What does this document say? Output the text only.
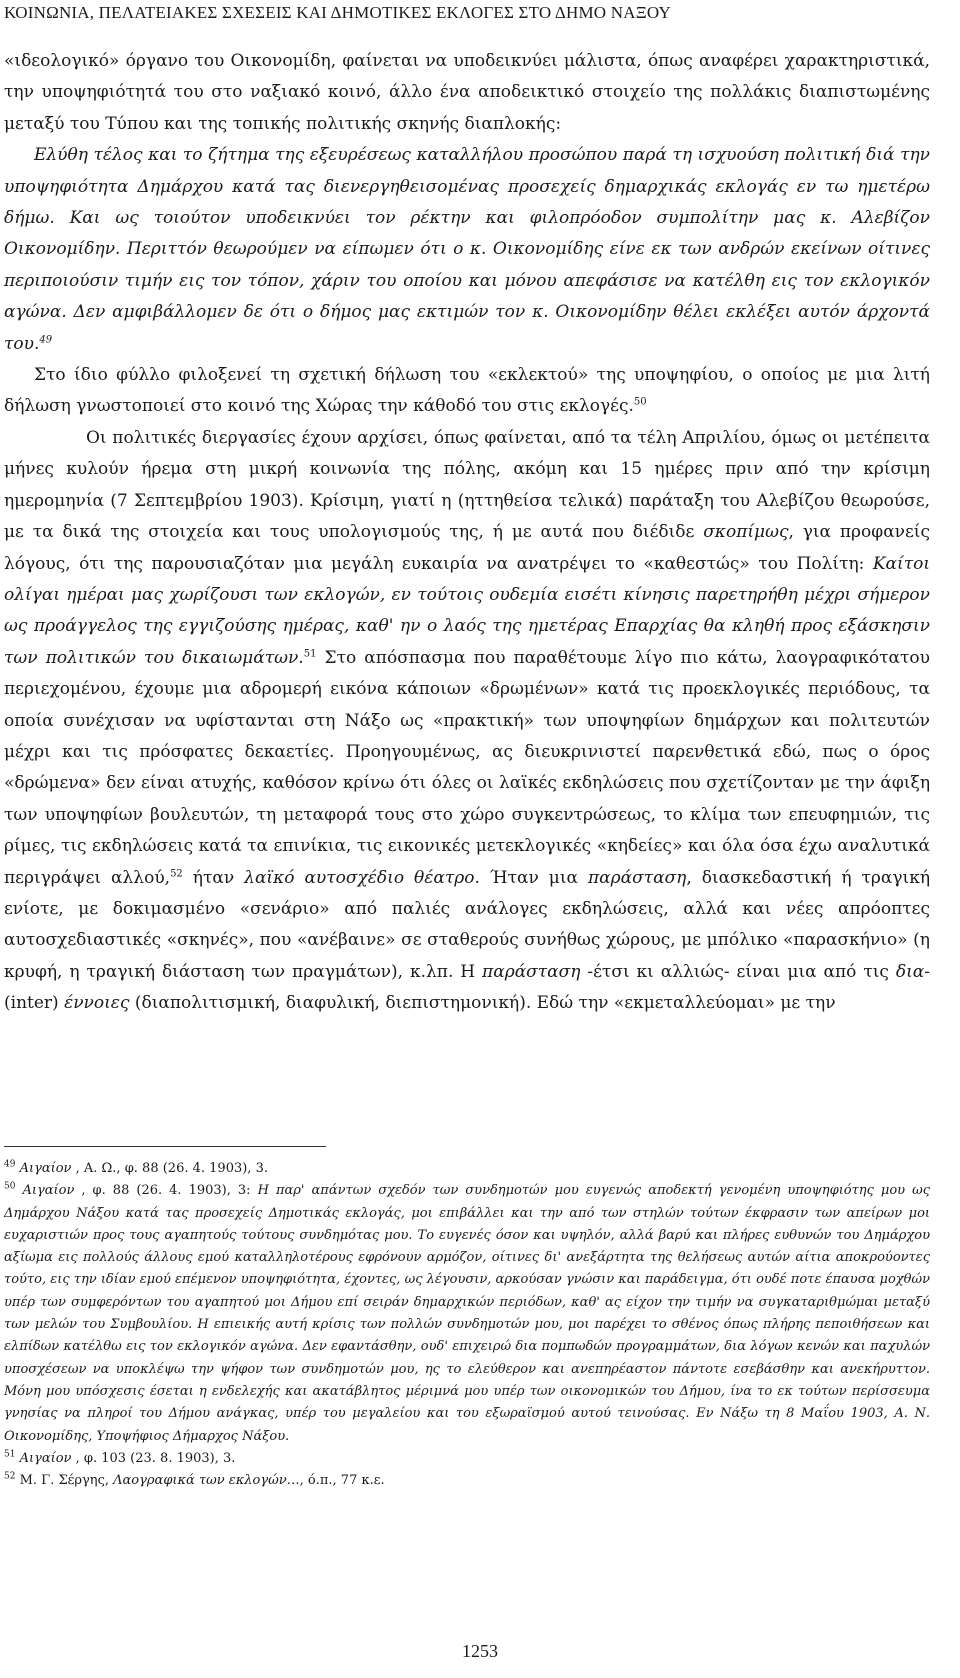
ΚΟΙΝΩΝΙΑ, ΠΕΛΑΤΕΙΑΚΕΣ ΣΧΕΣΕΙΣ ΚΑΙ ΔΗΜΟΤΙΚΕΣ ΕΚΛΟΓΕΣ ΣΤΟ ΔΗΜΟ ΝΑΞΟΥ

«ιδεολογικό» όργανο του Οικονομίδη, φαίνεται να υποδεικνύει μάλιστα, όπως αναφέρει χαρακτηριστικά, την υποψηφιότητά του στο ναξιακό κοινό, άλλο ένα αποδεικτικό στοιχείο της πολλάκις διαπιστωμένης μεταξύ του Τύπου και της τοπικής πολιτικής σκηνής διαπλοκής:

Ελύθη τέλος και το ζήτημα της εξευρέσεως καταλλήλου προσώπου παρά τη ισχυούση πολιτική διά την υποψηφιότητα Δημάρχου κατά τας διενεργηθεισομένας προσεχείς δημαρχικάς εκλογάς εν τω ημετέρω δήμω. Και ως τοιούτον υποδεικνύει τον ρέκτην και φιλοπρόοδον συμπολίτην μας κ. Αλεβίζον Οικονομίδην. Περιττόν θεωρούμεν να είπωμεν ότι ο κ. Οικονομίδης είνε εκ των ανδρών εκείνων οίτινες περιποιούσιν τιμήν εις τον τόπον, χάριν του οποίου και μόνου απεφάσισε να κατέλθη εις τον εκλογικόν αγώνα. Δεν αμφιβάλλομεν δε ότι ο δήμος μας εκτιμών τον κ. Οικονομίδην θέλει εκλέξει αυτόν άρχοντά του.$^{49}$

Στο ίδιο φύλλο φιλοξενεί τη σχετική δήλωση του «εκλεκτού» της υποψηφίου, ο οποίος με μια λιτή δήλωση γνωστοποιεί στο κοινό της Χώρας την κάθοδό του στις εκλογές.$^{50}$

Οι πολιτικές διεργασίες έχουν αρχίσει, όπως φαίνεται, από τα τέλη Απριλίου, όμως οι μετέπειτα μήνες κυλούν ήρεμα στη μικρή κοινωνία της πόλης, ακόμη και 15 ημέρες πριν από την κρίσιμη ημερομηνία (7 Σεπτεμβρίου 1903). Κρίσιμη, γιατί η (ηττηθείσα τελικά) παράταξη του Αλεβίζου θεωρούσε, με τα δικά της στοιχεία και τους υπολογισμούς της, ή με αυτά που διέδιδε σκοπίμως, για προφανείς λόγους, ότι της παρουσιαζόταν μια μεγάλη ευκαιρία να ανατρέψει το «καθεστώς» του Πολίτη: Καίτοι ολίγαι ημέραι μας χωρίζουσι των εκλογών, εν τούτοις ουδεμία εισέτι κίνησις παρετηρήθη μέχρι σήμερον ως προάγγελος της εγγιζούσης ημέρας, καθ' ην ο λαός της ημετέρας Επαρχίας θα κληθή προς εξάσκησιν των πολιτικών του δικαιωμάτων.$^{51}$ Στο απόσπασμα που παραθέτουμε λίγο πιο κάτω, λαογραφικότατου περιεχομένου, έχουμε μια αδρομερή εικόνα κάποιων «δρωμένων» κατά τις προεκλογικές περιόδους, τα οποία συνέχισαν να υφίστανται στη Νάξο ως «πρακτική» των υποψηφίων δημάρχων και πολιτευτών μέχρι και τις πρόσφατες δεκαετίες. Προηγουμένως, ας διευκρινιστεί παρενθετικά εδώ, πως ο όρος «δρώμενα» δεν είναι ατυχής, καθόσον κρίνω ότι όλες οι λαϊκές εκδηλώσεις που σχετίζονταν με την άφιξη των υποψηφίων βουλευτών, τη μεταφορά τους στο χώρο συγκεντρώσεως, το κλίμα των επευφημιών, τις ρίμες, τις εκδηλώσεις κατά τα επινίκια, τις εικονικές μετεκλογικές «κηδείες» και όλα όσα έχω αναλυτικά περιγράψει αλλού,$^{52}$ ήταν λαϊκό αυτοσχέδιο θέατρο. Ήταν μια παράσταση, διασκεδαστική ή τραγική ενίοτε, με δοκιμασμένο «σενάριο» από παλιές ανάλογες εκδηλώσεις, αλλά και νέες απρόοπτες αυτοσχεδιαστικές «σκηνές», που «ανέβαινε» σε σταθερούς συνήθως χώρους, με μπόλικο «παρασκήνιο» (η κρυφή, η τραγική διάσταση των πραγμάτων), κ.λπ. Η παράσταση -έτσι κι αλλιώς- είναι μια από τις δια- (inter) έννοιες (διαπολιτισμική, διαφυλική, διεπιστημονική). Εδώ την «εκμεταλλεύομαι» με την

$^{49}$ Αιγαίον , Α. Ω., φ. 88 (26. 4. 1903), 3.

$^{50}$ Αιγαίον , φ. 88 (26. 4. 1903), 3: Η παρ' απάντων σχεδόν των συνδημοτών μου ευγενώς αποδεκτή γενομένη υποψηφιότης μου ως Δημάρχου Νάξου κατά τας προσεχείς Δημοτικάς εκλογάς, μοι επιβάλλει και την από των στηλών τούτων έκφρασιν των απείρων μοι ευχαριστιών προς τους αγαπητούς τούτους συνδημότας μου. Το ευγενές όσον και υψηλόν, αλλά βαρύ και πλήρες ευθυνών του Δημάρχου αξίωμα εις πολλούς άλλους εμού καταλληλοτέρους εφρόνουν αρμόζον, οίτινες δι' ανεξάρτητα της θελήσεως αυτών αίτια αποκρούοντες τούτο, εις την ιδίαν εμού επέμενον υποψηφιότητα, έχοντες, ως λέγουσιν, αρκούσαν γνώσιν και παράδειγμα, ότι ουδέ ποτε έπαυσα μοχθών υπέρ των συμφερόντων του αγαπητού μοι Δήμου επί σειράν δημαρχικών περιόδων, καθ' ας είχον την τιμήν να συγκαταριθμώμαι μεταξύ των μελών του Συμβουλίου. Η επιεικής αυτή κρίσις των πολλών συνδημοτών μου, μοι παρέχει το σθένος όπως πλήρης πεποιθήσεων και ελπίδων κατέλθω εις τον εκλογικόν αγώνα. Δεν εφαντάσθην, ουδ' επιχειρώ δια πομπωδών προγραμμάτων, δια λόγων κενών και παχυλών υποσχέσεων να υποκλέψω την ψήφον των συνδημοτών μου, ης το ελεύθερον και ανεπηρέαστον πάντοτε εσεβάσθην και ανεκήρυττον. Μόνη μου υπόσχεσις έσεται η ενδελεχής και ακατάβλητος μέριμνά μου υπέρ των οικονομικών του Δήμου, ίνα το εκ τούτων περίσσευμα γνησίας να πληροί του Δήμου ανάγκας, υπέρ του μεγαλείου και του εξωραϊσμού αυτού τεινούσας. Εν Νάξω τη 8 Μαΐου 1903, Α. Ν. Οικονομίδης, Υποψήφιος Δήμαρχος Νάξου.

$^{51}$ Αιγαίον , φ. 103 (23. 8. 1903), 3.

$^{52}$ Μ. Γ. Σέργης, Λαογραφικά των εκλογών…, ό.π., 77 κ.ε.

1253
